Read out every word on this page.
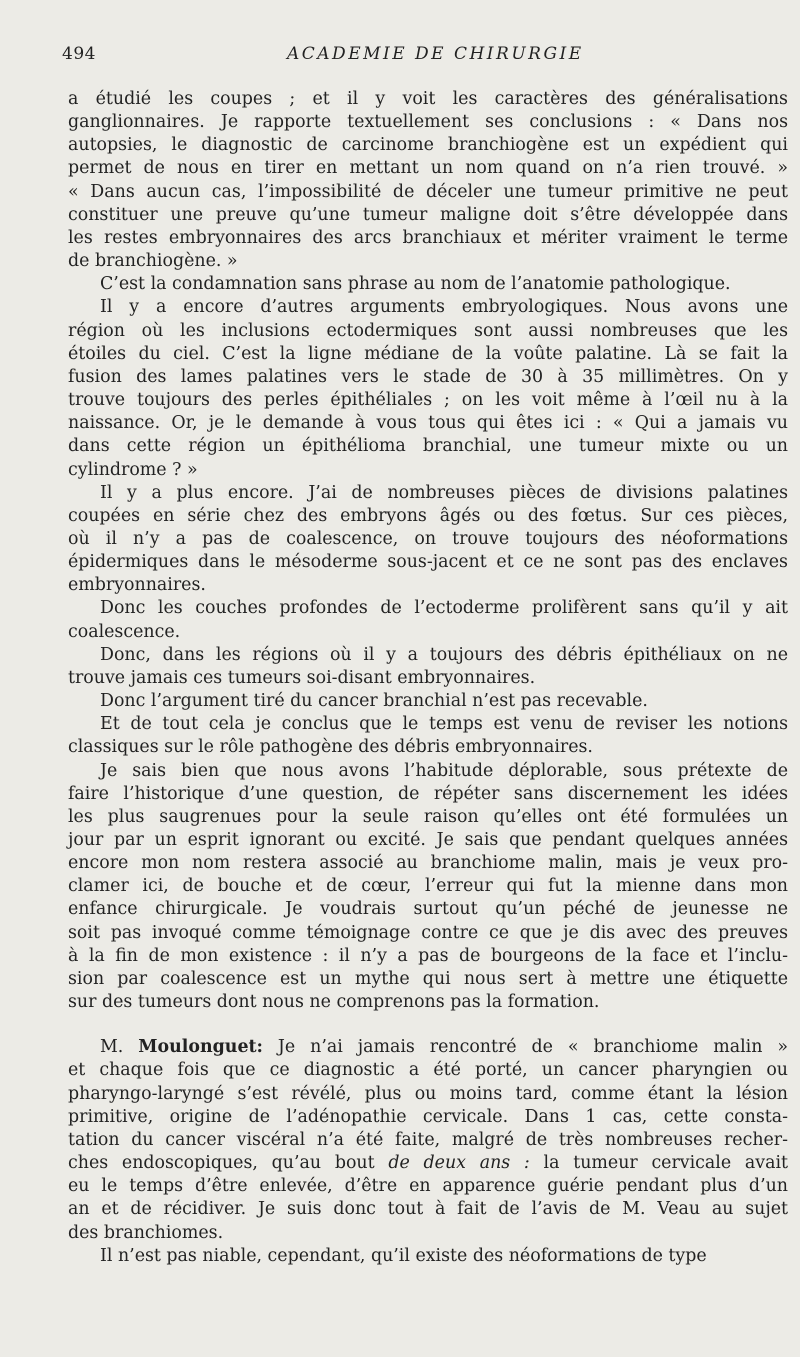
494	ACADEMIE DE CHIRURGIE

a étudié les coupes ; et il y voit les caractères des généralisations

ganglionnaires. Je rapporte textuellement ses conclusions : « Dans nos

autopsies, le diagnostic de carcinome branchiogène est un expédient qui

permet de nous en tirer en mettant un nom quand on n’a rien trouvé. »

« Dans aucun cas, l’impossibilité de déceler une tumeur primitive ne peut

constituer une preuve qu’une tumeur maligne doit s’être développée dans

les restes embryonnaires des arcs branchiaux et mériter vraiment le terme

de branchiogène. »

C’est la condamnation sans phrase au nom de l’anatomie pathologique.

Il y a encore d’autres arguments embryologiques. Nous avons une

région où les inclusions ectodermiques sont aussi nombreuses que les

étoiles du ciel. C’est la ligne médiane de la voûte palatine. Là se fait la

fusion des lames palatines vers le stade de 30 à 35 millimètres. On y

trouve toujours des perles épithéliales ; on les voit même à l’œil nu à la

naissance. Or, je le demande à vous tous qui êtes ici : « Qui a jamais vu

dans cette région un épithélioma branchial, une tumeur mixte ou un

cylindrome ? »

Il y a plus encore. J’ai de nombreuses pièces de divisions palatines

coupées en série chez des embryons âgés ou des fœtus. Sur ces pièces,

où il n’y a pas de coalescence, on trouve toujours des néoformations

épidermiques dans le mésoderme sous-jacent et ce ne sont pas des enclaves

embryonnaires.

Donc les couches profondes de l’ectoderme prolifèrent sans qu’il y ait

coalescence.

Donc, dans les régions où il y a toujours des débris épithéliaux on ne

trouve jamais ces tumeurs soi-disant embryonnaires.

Donc l’argument tiré du cancer branchial n’est pas recevable.

Et de tout cela je conclus que le temps est venu de reviser les notions

classiques sur le rôle pathogène des débris embryonnaires.

Je sais bien que nous avons l’habitude déplorable, sous prétexte de

faire l’historique d’une question, de répéter sans discernement les idées

les plus saugrenues pour la seule raison qu’elles ont été formulées un

jour par un esprit ignorant ou excité. Je sais que pendant quelques années

encore mon nom restera associé au branchiome malin, mais je veux pro-

clamer ici, de bouche et de cœur, l’erreur qui fut la mienne dans mon

enfance chirurgicale. Je voudrais surtout qu’un péché de jeunesse ne

soit pas invoqué comme témoignage contre ce que je dis avec des preuves

à la fin de mon existence : il n’y a pas de bourgeons de la face et l’inclu-

sion par coalescence est un mythe qui nous sert à mettre une étiquette

sur des tumeurs dont nous ne comprenons pas la formation.

M. Moulonguet: Je n’ai jamais rencontré de « branchiome malin »

et chaque fois que ce diagnostic a été porté, un cancer pharyngien ou

pharyngo-laryngé s’est révélé, plus ou moins tard, comme étant la lésion

primitive, origine de l’adénopathie cervicale. Dans 1 cas, cette consta-

tation du cancer viscéral n’a été faite, malgré de très nombreuses recher-

ches endoscopiques, qu’au bout de deux ans : la tumeur cervicale avait

eu le temps d’être enlevée, d’être en apparence guérie pendant plus d’un

an et de récidiver. Je suis donc tout à fait de l’avis de M. Veau au sujet

des branchiomes.

Il n’est pas niable, cependant, qu’il existe des néoformations de type
